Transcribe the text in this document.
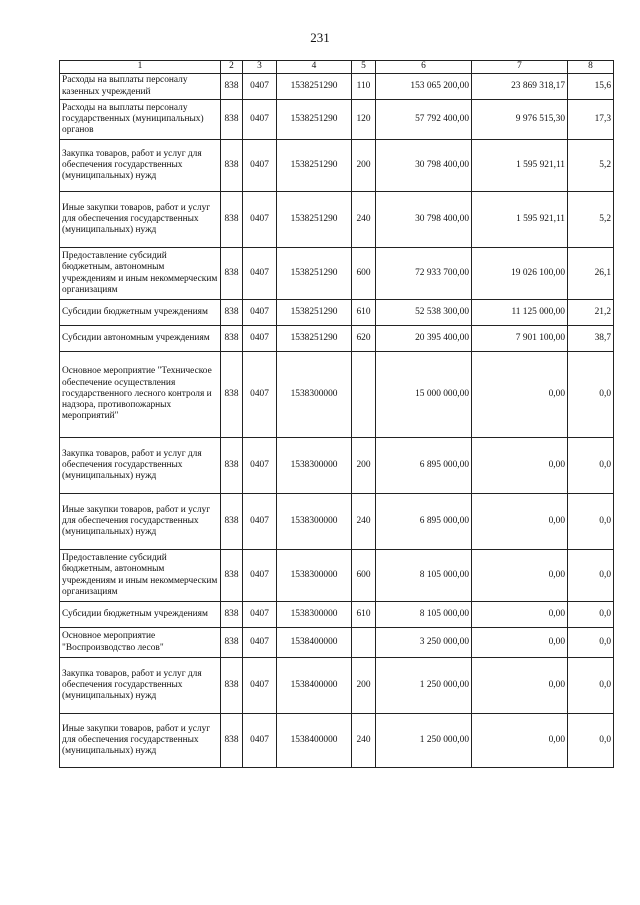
231
1	2	3	4	5	6	7	8
Расходы на выплаты персоналу казенных учреждений	838	0407	1538251290	110	153 065 200,00	23 869 318,17	15,6
Расходы на выплаты персоналу государственных (муниципальных) органов	838	0407	1538251290	120	57 792 400,00	9 976 515,30	17,3
Закупка товаров, работ и услуг для обеспечения государственных (муниципальных) нужд	838	0407	1538251290	200	30 798 400,00	1 595 921,11	5,2
Иные закупки товаров, работ и услуг для обеспечения государственных (муниципальных) нужд	838	0407	1538251290	240	30 798 400,00	1 595 921,11	5,2
Предоставление субсидий бюджетным, автономным учреждениям и иным некоммерческим организациям	838	0407	1538251290	600	72 933 700,00	19 026 100,00	26,1
Субсидии бюджетным учреждениям	838	0407	1538251290	610	52 538 300,00	11 125 000,00	21,2
Субсидии автономным учреждениям	838	0407	1538251290	620	20 395 400,00	7 901 100,00	38,7
Основное мероприятие "Техническое обеспечение осуществления государственного лесного контроля и надзора, противопожарных мероприятий"	838	0407	1538300000		15 000 000,00	0,00	0,0
Закупка товаров, работ и услуг для обеспечения государственных (муниципальных) нужд	838	0407	1538300000	200	6 895 000,00	0,00	0,0
Иные закупки товаров, работ и услуг для обеспечения государственных (муниципальных) нужд	838	0407	1538300000	240	6 895 000,00	0,00	0,0
Предоставление субсидий бюджетным, автономным учреждениям и иным некоммерческим организациям	838	0407	1538300000	600	8 105 000,00	0,00	0,0
Субсидии бюджетным учреждениям	838	0407	1538300000	610	8 105 000,00	0,00	0,0
Основное мероприятие "Воспроизводство лесов"	838	0407	1538400000		3 250 000,00	0,00	0,0
Закупка товаров, работ и услуг для обеспечения государственных (муниципальных) нужд	838	0407	1538400000	200	1 250 000,00	0,00	0,0
Иные закупки товаров, работ и услуг для обеспечения государственных (муниципальных) нужд	838	0407	1538400000	240	1 250 000,00	0,00	0,0
